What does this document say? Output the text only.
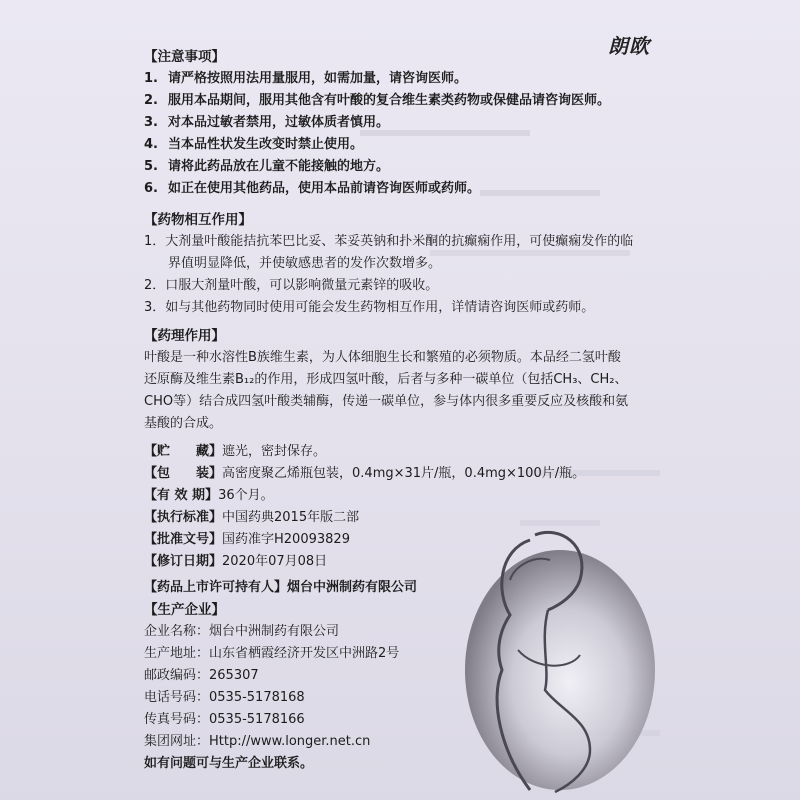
朗欧
【注意事项】
1. 请严格按照用法用量服用，如需加量，请咨询医师。
2. 服用本品期间，服用其他含有叶酸的复合维生素类药物或保健品请咨询医师。
3. 对本品过敏者禁用，过敏体质者慎用。
4. 当本品性状发生改变时禁止使用。
5. 请将此药品放在儿童不能接触的地方。
6. 如正在使用其他药品，使用本品前请咨询医师或药师。
【药物相互作用】
1．大剂量叶酸能拮抗苯巴比妥、苯妥英钠和扑米酮的抗癫痫作用，可使癫痫发作的临
界值明显降低，并使敏感患者的发作次数增多。
2．口服大剂量叶酸，可以影响微量元素锌的吸收。
3．如与其他药物同时使用可能会发生药物相互作用，详情请咨询医师或药师。
【药理作用】
叶酸是一种水溶性B族维生素，为人体细胞生长和繁殖的必须物质。本品经二氢叶酸
还原酶及维生素B₁₂的作用，形成四氢叶酸，后者与多种一碳单位（包括CH₃、CH₂、
CHO等）结合成四氢叶酸类辅酶，传递一碳单位，参与体内很多重要反应及核酸和氨
基酸的合成。
【贮　　藏】遮光，密封保存。
【包　　装】高密度聚乙烯瓶包装，0.4mg×31片/瓶，0.4mg×100片/瓶。
【有 效 期】36个月。
【执行标准】中国药典2015年版二部
【批准文号】国药准字H20093829
【修订日期】2020年07月08日
【药品上市许可持有人】烟台中洲制药有限公司
【生产企业】
企业名称：烟台中洲制药有限公司
生产地址：山东省栖霞经济开发区中洲路2号
邮政编码：265307
电话号码：0535-5178168
传真号码：0535-5178166
集团网址：Http://www.longer.net.cn
如有问题可与生产企业联系。
